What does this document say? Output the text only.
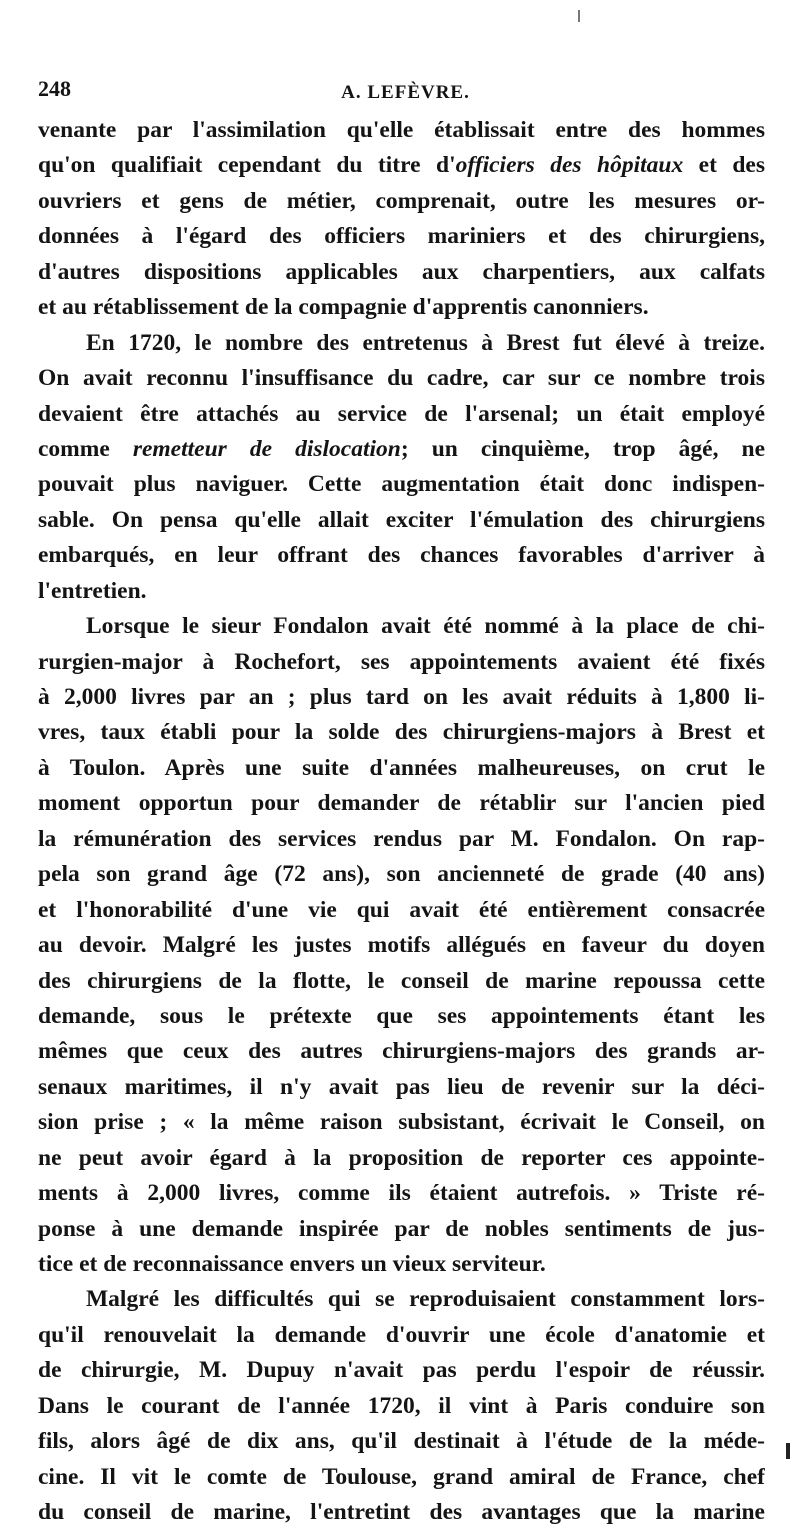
248	A. LEFÈVRE.
venante par l'assimilation qu'elle établissait entre des hommes
qu'on qualifiait cependant du titre d'officiers des hôpitaux et des
ouvriers et gens de métier, comprenait, outre les mesures or-
données à l'égard des officiers mariniers et des chirurgiens,
d'autres dispositions applicables aux charpentiers, aux calfats
et au rétablissement de la compagnie d'apprentis canonniers.
En 1720, le nombre des entretenus à Brest fut élevé à treize.
On avait reconnu l'insuffisance du cadre, car sur ce nombre trois
devaient être attachés au service de l'arsenal; un était employé
comme remetteur de dislocation; un cinquième, trop âgé, ne
pouvait plus naviguer. Cette augmentation était donc indispen-
sable. On pensa qu'elle allait exciter l'émulation des chirurgiens
embarqués, en leur offrant des chances favorables d'arriver à
l'entretien.
Lorsque le sieur Fondalon avait été nommé à la place de chi-
rurgien-major à Rochefort, ses appointements avaient été fixés
à 2,000 livres par an ; plus tard on les avait réduits à 1,800 li-
vres, taux établi pour la solde des chirurgiens-majors à Brest et
à Toulon. Après une suite d'années malheureuses, on crut le
moment opportun pour demander de rétablir sur l'ancien pied
la rémunération des services rendus par M. Fondalon. On rap-
pela son grand âge (72 ans), son ancienneté de grade (40 ans)
et l'honorabilité d'une vie qui avait été entièrement consacrée
au devoir. Malgré les justes motifs allégués en faveur du doyen
des chirurgiens de la flotte, le conseil de marine repoussa cette
demande, sous le prétexte que ses appointements étant les
mêmes que ceux des autres chirurgiens-majors des grands ar-
senaux maritimes, il n'y avait pas lieu de revenir sur la déci-
sion prise ; « la même raison subsistant, écrivait le Conseil, on
ne peut avoir égard à la proposition de reporter ces appointe-
ments à 2,000 livres, comme ils étaient autrefois. » Triste ré-
ponse à une demande inspirée par de nobles sentiments de jus-
tice et de reconnaissance envers un vieux serviteur.
Malgré les difficultés qui se reproduisaient constamment lors-
qu'il renouvelait la demande d'ouvrir une école d'anatomie et
de chirurgie, M. Dupuy n'avait pas perdu l'espoir de réussir.
Dans le courant de l'année 1720, il vint à Paris conduire son
fils, alors âgé de dix ans, qu'il destinait à l'étude de la méde-
cine. Il vit le comte de Toulouse, grand amiral de France, chef
du conseil de marine, l'entretint des avantages que la marine
